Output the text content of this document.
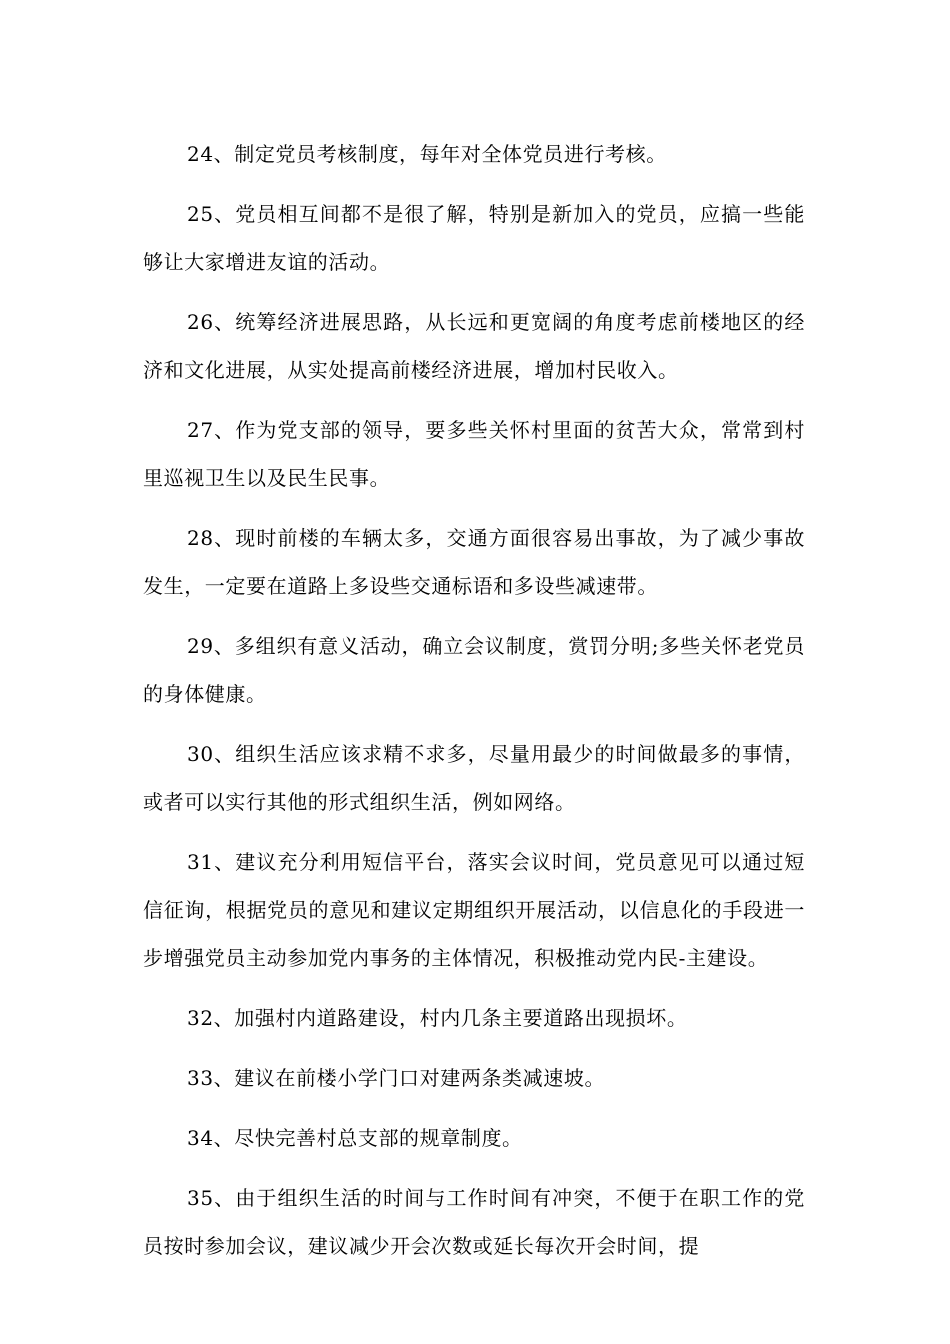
24、制定党员考核制度，每年对全体党员进行考核。

25、党员相互间都不是很了解，特别是新加入的党员，应搞一些能够让大家增进友谊的活动。

26、统筹经济进展思路，从长远和更宽阔的角度考虑前楼地区的经济和文化进展，从实处提高前楼经济进展，增加村民收入。

27、作为党支部的领导，要多些关怀村里面的贫苦大众，常常到村里巡视卫生以及民生民事。

28、现时前楼的车辆太多，交通方面很容易出事故，为了减少事故发生，一定要在道路上多设些交通标语和多设些减速带。

29、多组织有意义活动，确立会议制度，赏罚分明;多些关怀老党员的身体健康。

30、组织生活应该求精不求多，尽量用最少的时间做最多的事情，或者可以实行其他的形式组织生活，例如网络。

31、建议充分利用短信平台，落实会议时间，党员意见可以通过短信征询，根据党员的意见和建议定期组织开展活动，以信息化的手段进一步增强党员主动参加党内事务的主体情况，积极推动党内民-主建设。

32、加强村内道路建设，村内几条主要道路出现损坏。

33、建议在前楼小学门口对建两条类减速坡。

34、尽快完善村总支部的规章制度。

35、由于组织生活的时间与工作时间有冲突，不便于在职工作的党员按时参加会议，建议减少开会次数或延长每次开会时间，提
